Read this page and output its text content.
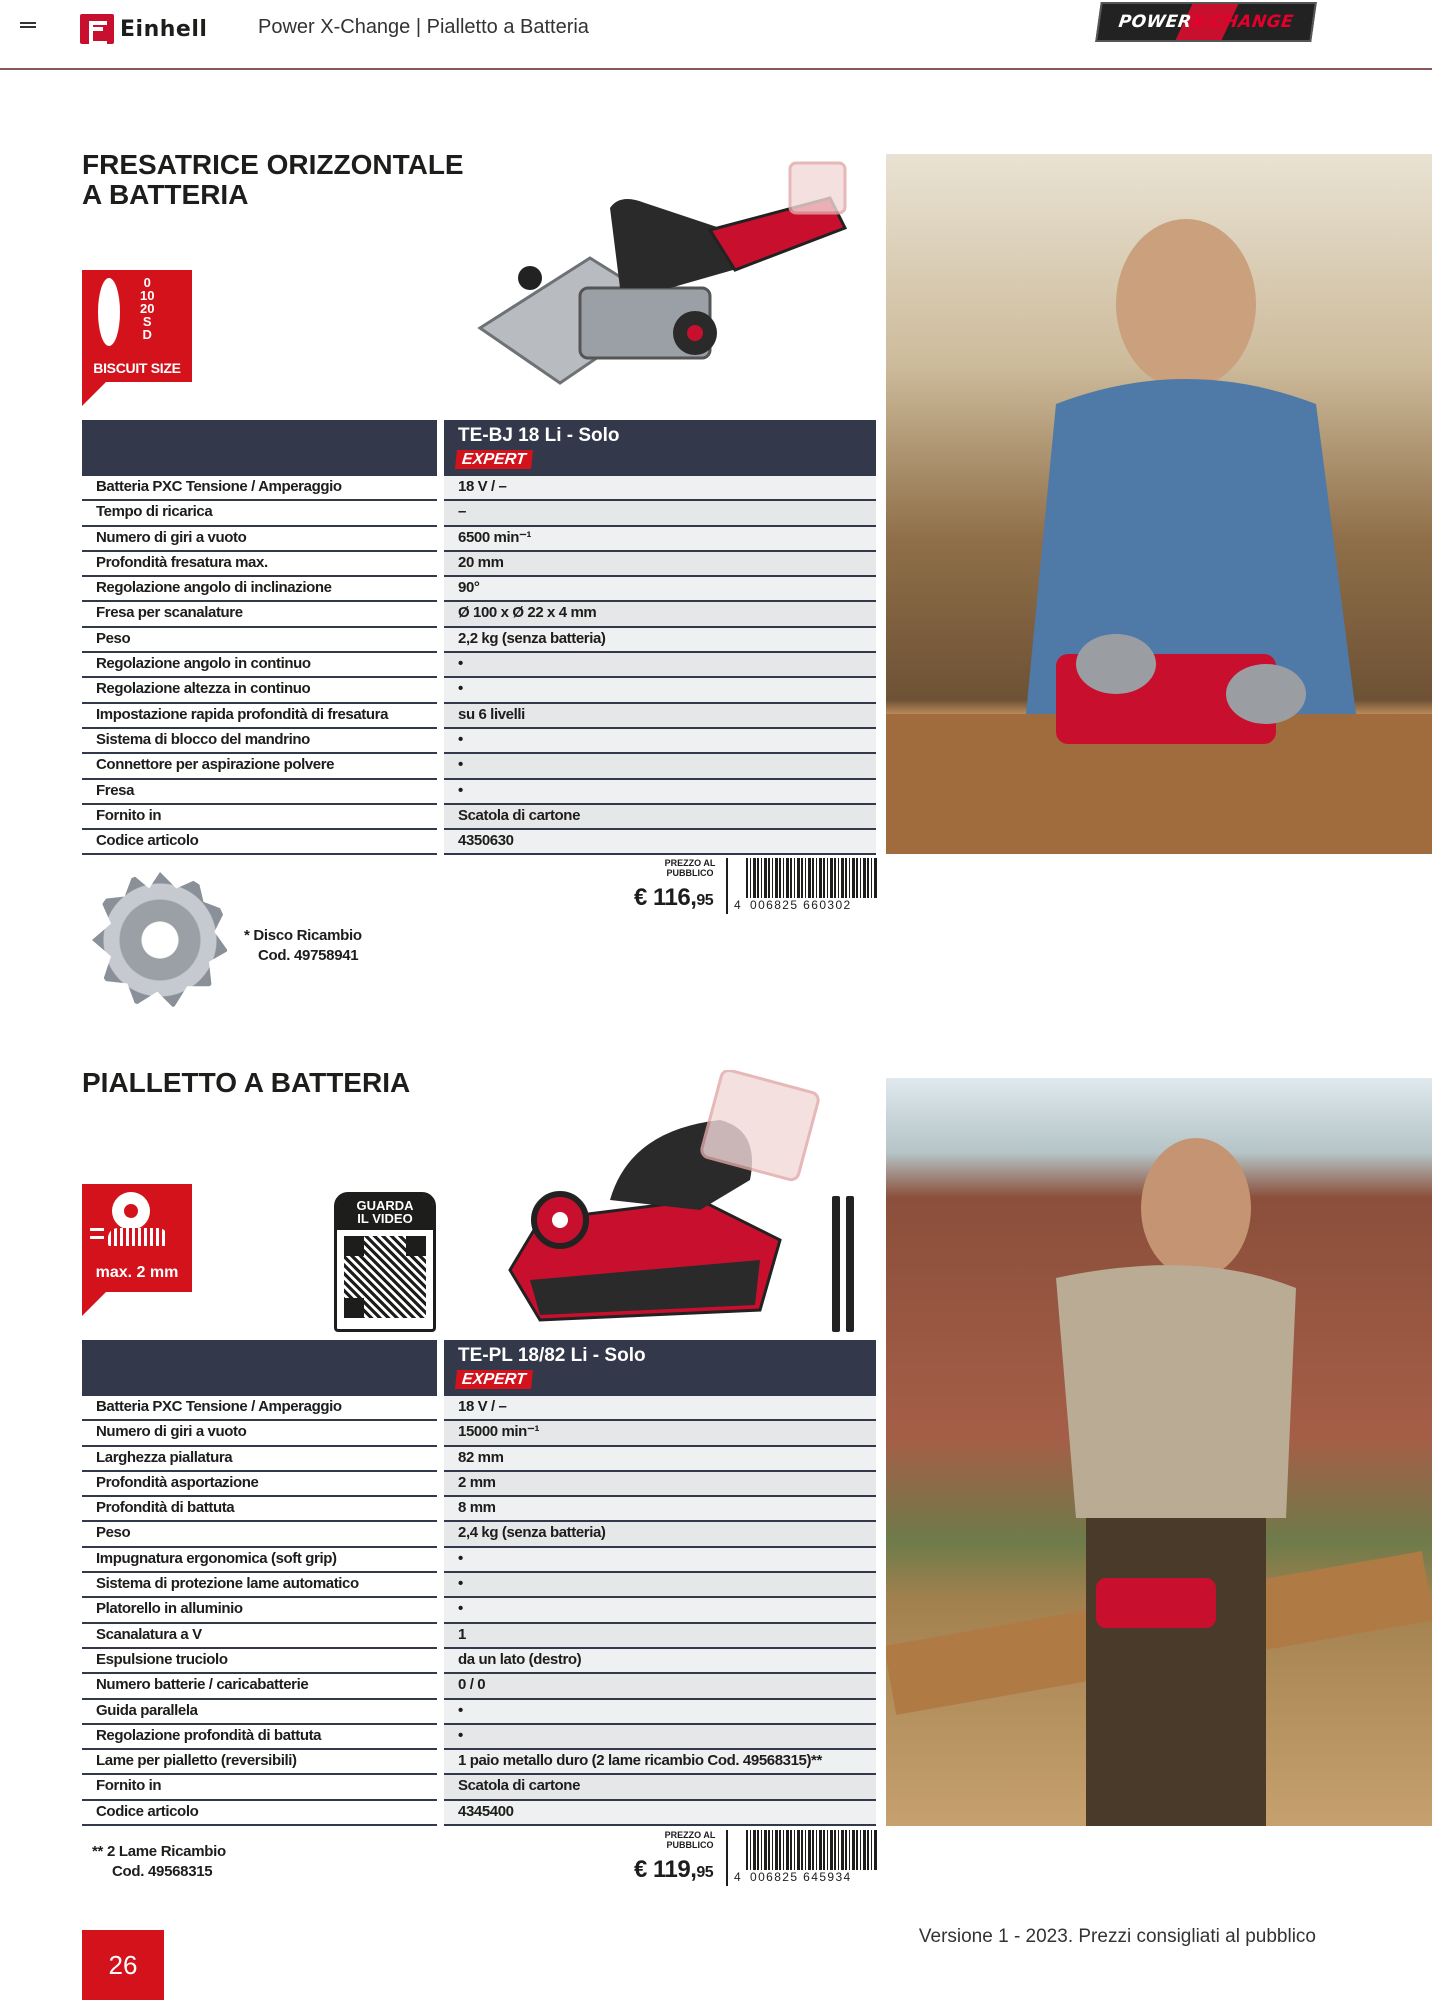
Einhell	Power X-Change | Pialletto a Batteria	POWERX-CHANGE
FRESATRICE ORIZZONTALE
A BATTERIA
0
10
20
S
D
BISCUIT SIZE
TE-BJ 18 Li - Solo
EXPERT
Batteria PXC Tensione / Amperaggio	18 V / –
Tempo di ricarica	–
Numero di giri a vuoto	6500 min⁻¹
Profondità fresatura max.	20 mm
Regolazione angolo di inclinazione	90°
Fresa per scanalature	Ø 100 x Ø 22 x 4 mm
Peso	2,2 kg (senza batteria)
Regolazione angolo in continuo	•
Regolazione altezza in continuo	•
Impostazione rapida profondità di fresatura	su 6 livelli
Sistema di blocco del mandrino	•
Connettore per aspirazione polvere	•
Fresa	•
Fornito in	Scatola di cartone
Codice articolo	4350630
PREZZO AL PUBBLICO
€ 116,95 4 006825 660302
* Disco Ricambio
Cod. 49758941
PIALLETTO A BATTERIA
max. 2 mm
GUARDA
IL VIDEO
TE-PL 18/82 Li - Solo
EXPERT
Batteria PXC Tensione / Amperaggio	18 V / –
Numero di giri a vuoto	15000 min⁻¹
Larghezza piallatura	82 mm
Profondità asportazione	2 mm
Profondità di battuta	8 mm
Peso	2,4 kg (senza batteria)
Impugnatura ergonomica (soft grip)	•
Sistema di protezione lame automatico	•
Platorello in alluminio	•
Scanalatura a V	1
Espulsione truciolo	da un lato (destro)
Numero batterie / caricabatterie	0 / 0
Guida parallela	•
Regolazione profondità di battuta	•
Lame per pialletto (reversibili)	1 paio metallo duro (2 lame ricambio Cod. 49568315)**
Fornito in	Scatola di cartone
Codice articolo	4345400
PREZZO AL PUBBLICO
€ 119,95 4 006825 645934
** 2 Lame Ricambio
Cod. 49568315
26
Versione 1 - 2023. Prezzi consigliati al pubblico
